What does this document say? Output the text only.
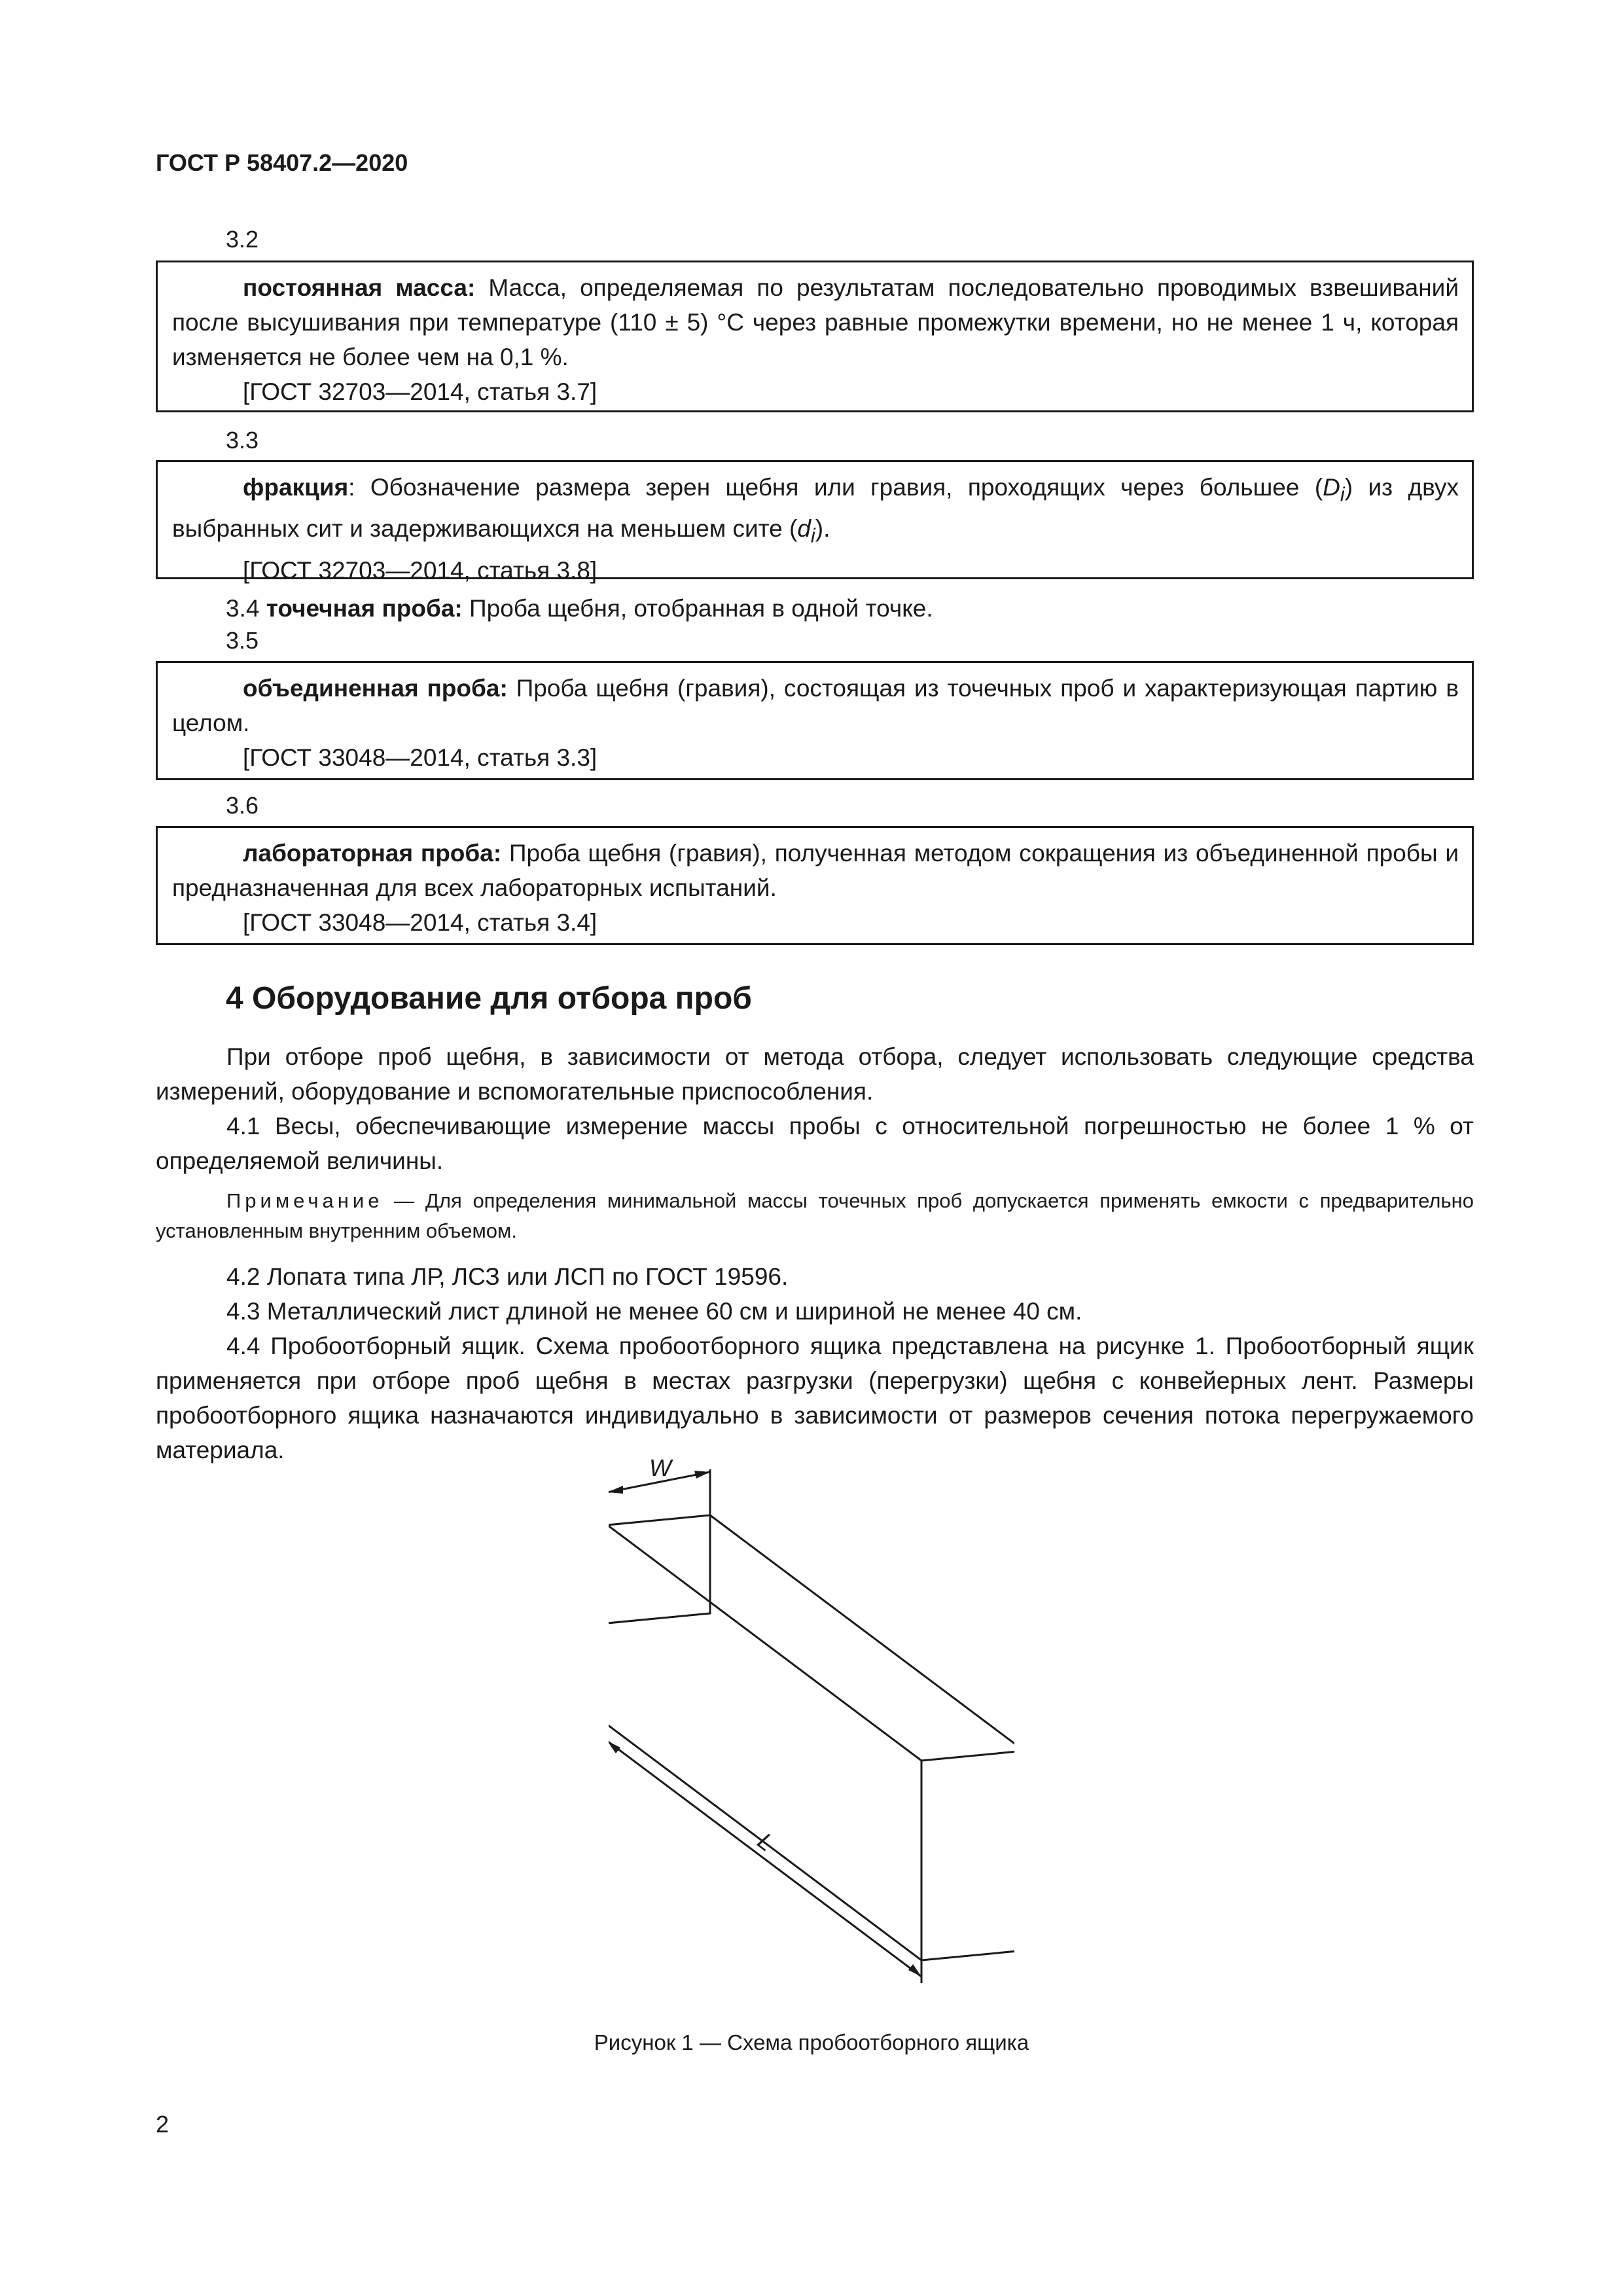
ГОСТ Р 58407.2—2020
3.2

постоянная масса: Масса, определяемая по результатам последовательно проводимых взвешиваний после высушивания при температуре (110 ± 5) °C через равные промежутки времени, но не менее 1 ч, которая изменяется не более чем на 0,1 %.

[ГОСТ 32703—2014, статья 3.7]

3.3

фракция: Обозначение размера зерен щебня или гравия, проходящих через большее $(D_i)$ из двух выбранных сит и задерживающихся на меньшем сите $(d_i)$.

[ГОСТ 32703—2014, статья 3.8]

3.4 точечная проба: Проба щебня, отобранная в одной точке.

3.5

объединенная проба: Проба щебня (гравия), состоящая из точечных проб и характеризующая партию в целом.

[ГОСТ 33048—2014, статья 3.3]

3.6

лабораторная проба: Проба щебня (гравия), полученная методом сокращения из объединенной пробы и предназначенная для всех лабораторных испытаний.

[ГОСТ 33048—2014, статья 3.4]

4 Оборудование для отбора проб

При отборе проб щебня, в зависимости от метода отбора, следует использовать следующие средства измерений, оборудование и вспомогательные приспособления.

4.1 Весы, обеспечивающие измерение массы пробы с относительной погрешностью не более 1 % от определяемой величины.

Примечание — Для определения минимальной массы точечных проб допускается применять емкости с предварительно установленным внутренним объемом.

4.2 Лопата типа ЛР, ЛСЗ или ЛСП по ГОСТ 19596.

4.3 Металлический лист длиной не менее 60 см и шириной не менее 40 см.

4.4 Пробоотборный ящик. Схема пробоотборного ящика представлена на рисунке 1. Пробоотборный ящик применяется при отборе проб щебня в местах разгрузки (перегрузки) щебня с конвейерных лент. Размеры пробоотборного ящика назначаются индивидуально в зависимости от размеров сечения потока перегружаемого материала.

W
L
Рисунок 1 — Схема пробоотборного ящика
2
